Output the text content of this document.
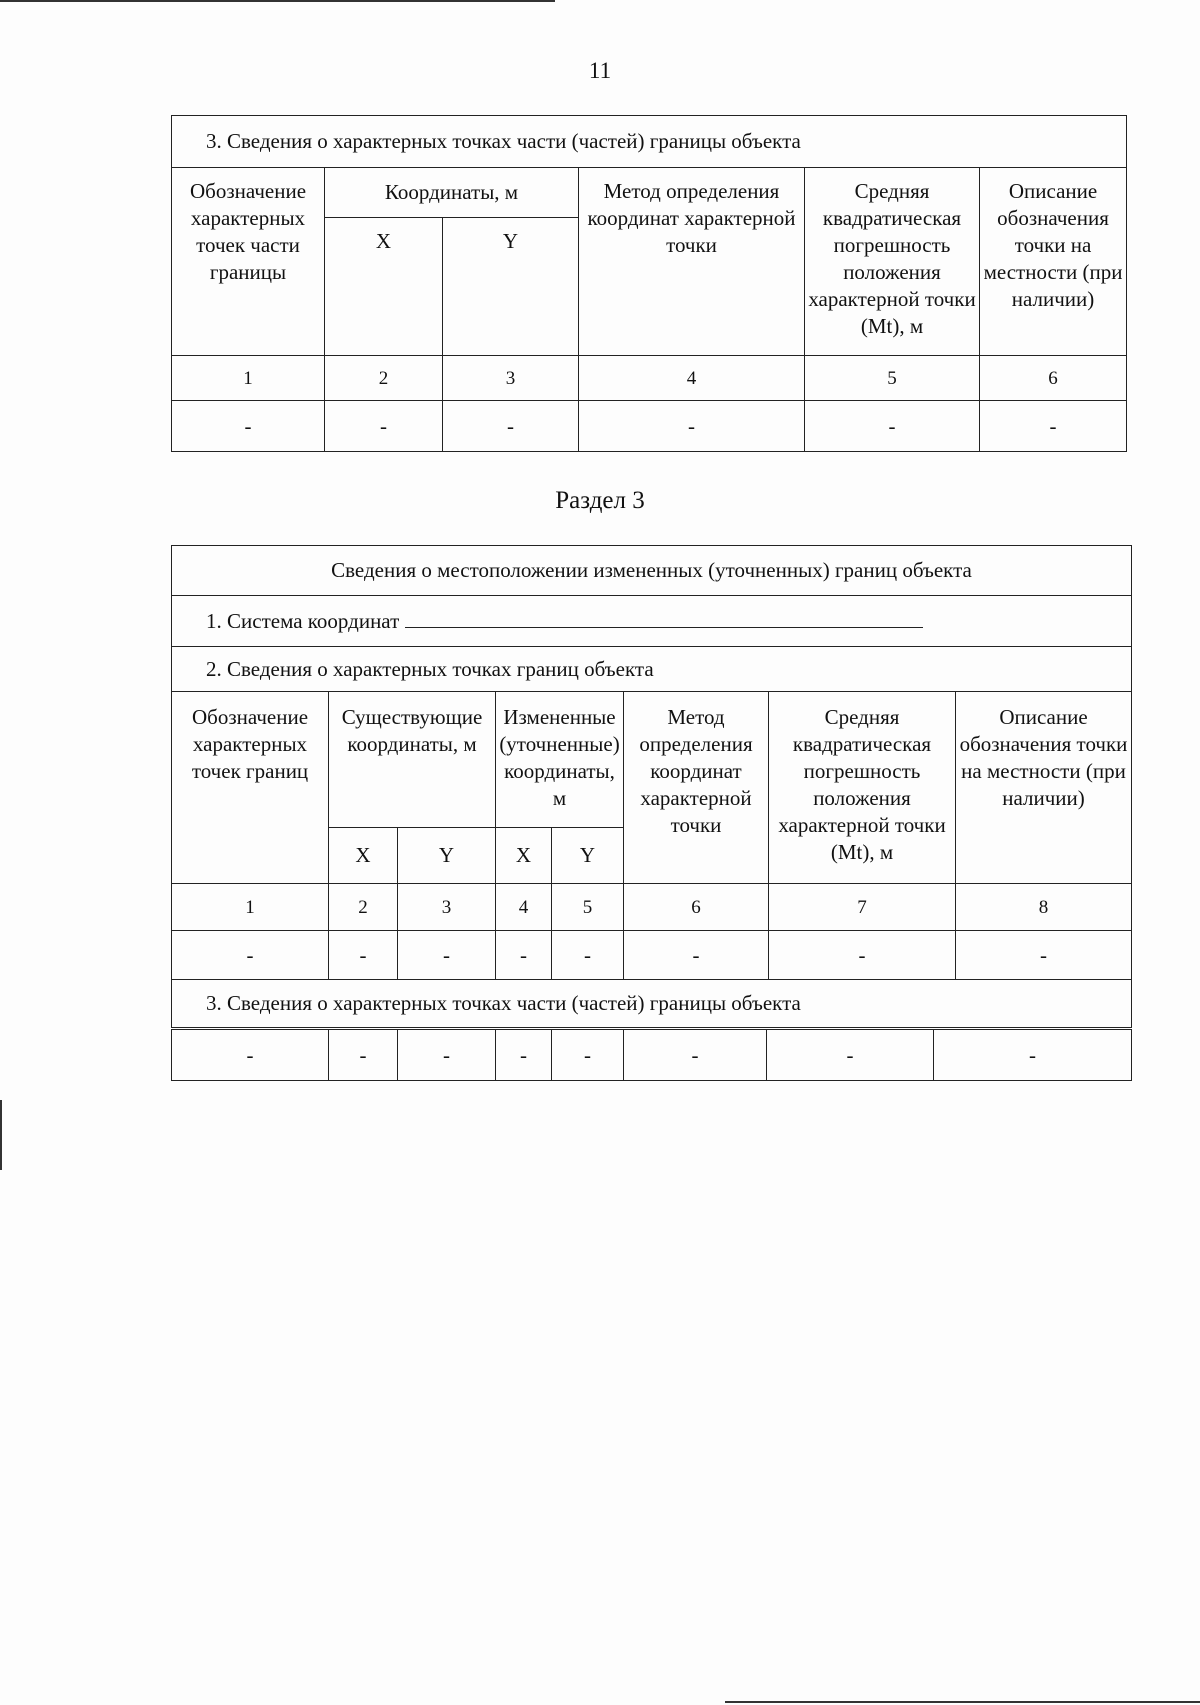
11
3. Сведения о характерных точках части (частей) границы объекта					
Обозначение характерных точек части границы	Координаты, м		Метод определения координат характерной точки	Средняя квадратическая погрешность положения характерной точки (Mt), м	Описание обозначения точки на местности (при наличии)
	X	Y			
1	2	3	4	5	6
-	-	-	-	-	-
Раздел 3
Сведения о местоположении измененных (уточненных) границ объекта							
1. Система координат							
2. Сведения о характерных точках границ объекта							
Обозначение характерных точек границ	Существующие координаты, м		Измененные (уточненные) координаты, м		Метод определения координат характерной точки	Средняя квадратическая погрешность положения характерной точки (Mt), м	Описание обозначения точки на местности (при наличии)
	X	Y	X	Y			
1	2	3	4	5	6	7	8
-	-	-	-	-	-	-	-
3. Сведения о характерных точках части (частей) границы объекта							
-	-	-	-	-	-	-	-
